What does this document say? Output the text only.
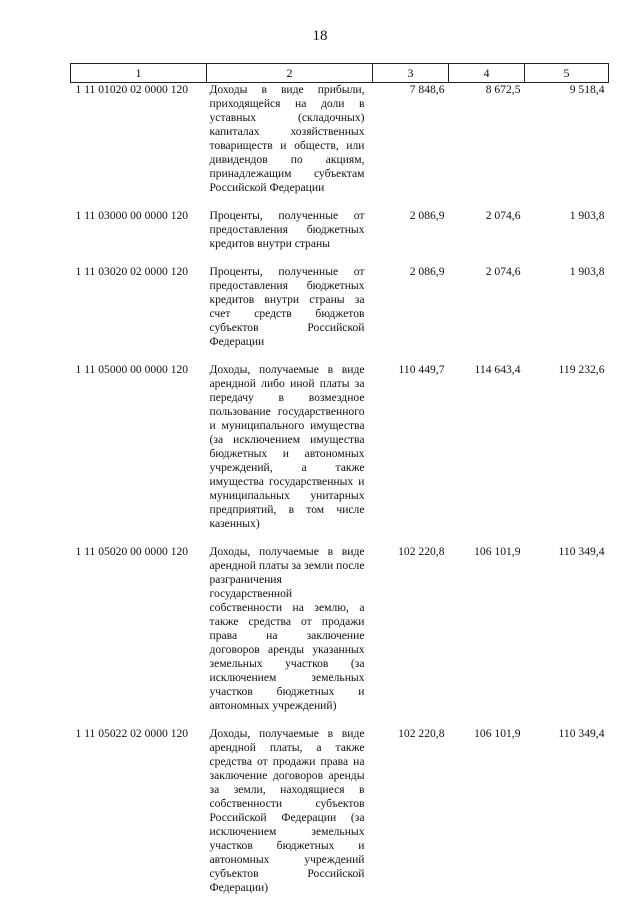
18
1	2	3	4	5
1 11 01020 02 0000 120	Доходы в виде прибыли, приходящейся на доли в уставных (складочных) капиталах хозяйственных товариществ и обществ, или дивидендов по акциям, принадлежащим субъектам Российской Федерации	7 848,6	8 672,5	9 518,4

1 11 03000 00 0000 120	Проценты, полученные от предоставления бюджетных кредитов внутри страны	2 086,9	2 074,6	1 903,8

1 11 03020 02 0000 120	Проценты, полученные от предоставления бюджетных кредитов внутри страны за счет средств бюджетов субъектов Российской Федерации	2 086,9	2 074,6	1 903,8

1 11 05000 00 0000 120	Доходы, получаемые в виде арендной либо иной платы за передачу в возмездное пользование государственного и муниципального имущества (за исключением имущества бюджетных и автономных учреждений, а также имущества государственных и муниципальных унитарных предприятий, в том числе казенных)	110 449,7	114 643,4	119 232,6

1 11 05020 00 0000 120	Доходы, получаемые в виде арендной платы за земли после разграничения государственной собственности на землю, а также средства от продажи права на заключение договоров аренды указанных земельных участков (за исключением земельных участков бюджетных и автономных учреждений)	102 220,8	106 101,9	110 349,4

1 11 05022 02 0000 120	Доходы, получаемые в виде арендной платы, а также средства от продажи права на заключение договоров аренды за земли, находящиеся в собственности субъектов Российской Федерации (за исключением земельных участков бюджетных и автономных учреждений субъектов Российской Федерации)	102 220,8	106 101,9	110 349,4
